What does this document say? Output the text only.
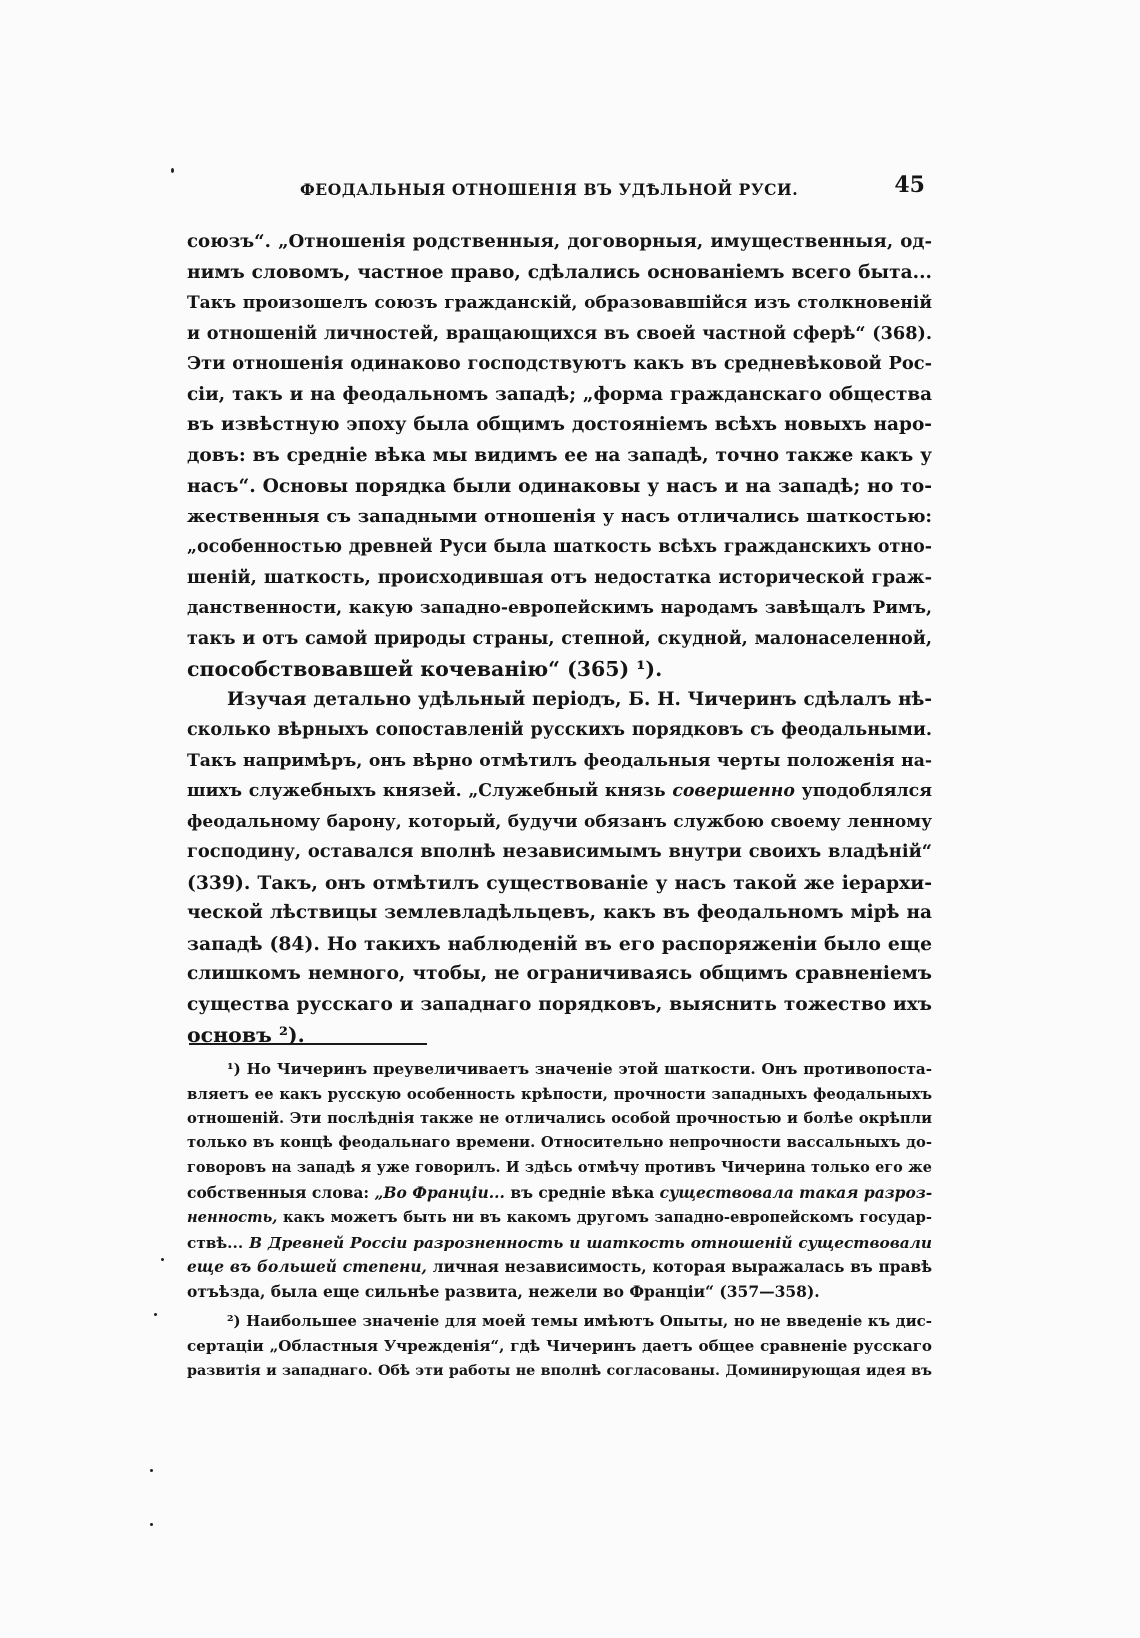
ФЕОДАЛЬНЫЯ ОТНОШЕНІЯ ВЪ УДѢЛЬНОЙ РУСИ.	45

союзъ“. „Отношенія родственныя, договорныя, имущественныя, од-
нимъ словомъ, частное право, сдѣлались основаніемъ всего быта...
Такъ произошелъ союзъ гражданскій, образовавшійся изъ столкновеній
и отношеній личностей, вращающихся въ своей частной сферѣ“ (368).
Эти отношенія одинаково господствуютъ какъ въ средневѣковой Рос-
сіи, такъ и на феодальномъ западѣ; „форма гражданскаго общества
въ извѣстную эпоху была общимъ достояніемъ всѣхъ новыхъ наро-
довъ: въ средніе вѣка мы видимъ ее на западѣ, точно также какъ у
насъ“. Основы порядка были одинаковы у насъ и на западѣ; но то-
жественныя съ западными отношенія у насъ отличались шаткостью:
„особенностью древней Руси была шаткость всѣхъ гражданскихъ отно-
шеній, шаткость, происходившая отъ недостатка исторической граж-
данственности, какую западно-европейскимъ народамъ завѣщалъ Римъ,
такъ и отъ самой природы страны, степной, скудной, малонаселенной,
способствовавшей кочеванію“ (365) ¹).

Изучая детально удѣльный періодъ, Б. Н. Чичеринъ сдѣлалъ нѣ-
сколько вѣрныхъ сопоставленій русскихъ порядковъ съ феодальными.
Такъ напримѣръ, онъ вѣрно отмѣтилъ феодальныя черты положенія на-
шихъ служебныхъ князей. „Служебный князь совершенно уподоблялся
феодальному барону, который, будучи обязанъ службою своему ленному
господину, оставался вполнѣ независимымъ внутри своихъ владѣній“
(339). Такъ, онъ отмѣтилъ существованіе у насъ такой же іерархи-
ческой лѣствицы землевладѣльцевъ, какъ въ феодальномъ мірѣ на
западѣ (84). Но такихъ наблюденій въ его распоряженіи было еще
слишкомъ немного, чтобы, не ограничиваясь общимъ сравненіемъ
существа русскаго и западнаго порядковъ, выяснить тожество ихъ
основъ ²).

¹) Но Чичеринъ преувеличиваетъ значеніе этой шаткости. Онъ противопоста-
вляетъ ее какъ русскую особенность крѣпости, прочности западныхъ феодальныхъ
отношеній. Эти послѣднія также не отличались особой прочностью и болѣе окрѣпли
только въ концѣ феодальнаго времени. Относительно непрочности вассальныхъ до-
говоровъ на западѣ я уже говорилъ. И здѣсь отмѣчу противъ Чичерина только его же
собственныя слова: „Во Франціи... въ средніе вѣка существовала такая разроз-
ненность, какъ можетъ быть ни въ какомъ другомъ западно-европейскомъ государ-
ствѣ... В Древней Россіи разрозненность и шаткость отношеній существовали
еще въ большей степени, личная независимость, которая выражалась въ правѣ
отъѣзда, была еще сильнѣе развита, нежели во Франціи“ (357—358).

²) Наибольшее значеніе для моей темы имѣютъ Опыты, но не введеніе къ дис-
сертаціи „Областныя Учрежденія“, гдѣ Чичеринъ даетъ общее сравненіе русскаго
развитія и западнаго. Обѣ эти работы не вполнѣ согласованы. Доминирующая идея въ
